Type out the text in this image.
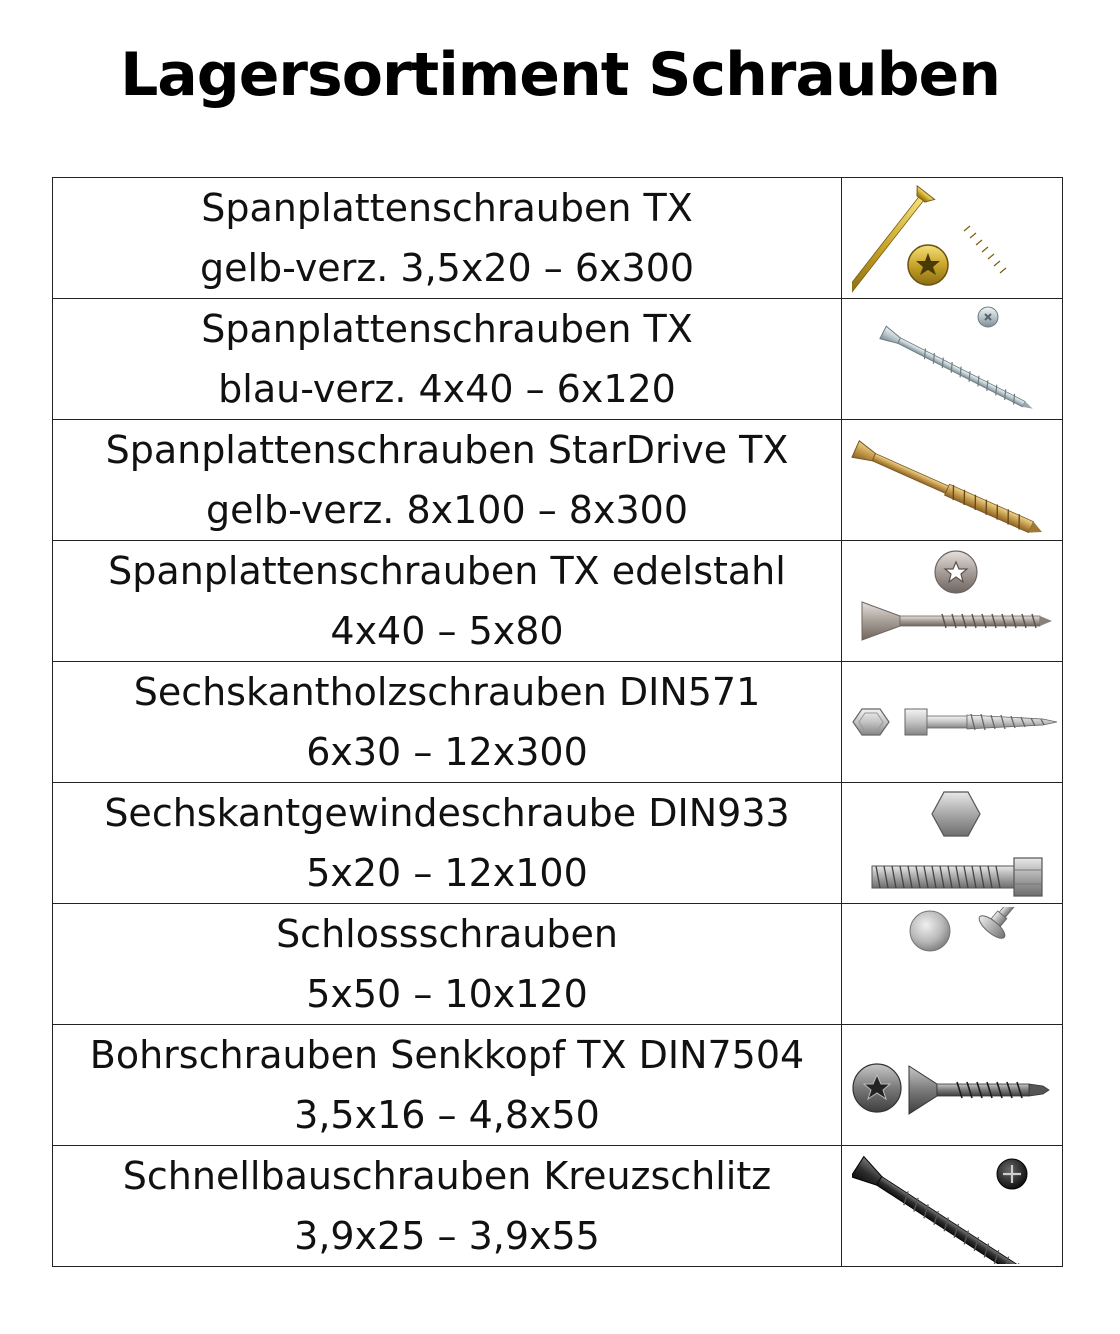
Lagersortiment Schrauben
Spanplattenschrauben TX
gelb-verz. 3,5x20 – 6x300

Spanplattenschrauben TX
blau-verz. 4x40 – 6x120

Spanplattenschrauben StarDrive TX
gelb-verz. 8x100 – 8x300

Spanplattenschrauben TX edelstahl
4x40 – 5x80

Sechskantholzschrauben DIN571
6x30 – 12x300

Sechskantgewindeschraube DIN933
5x20 – 12x100

Schlossschrauben
5x50 – 10x120

Bohrschrauben Senkkopf TX DIN7504
3,5x16 – 4,8x50

Schnellbauschrauben Kreuzschlitz
3,9x25 – 3,9x55
